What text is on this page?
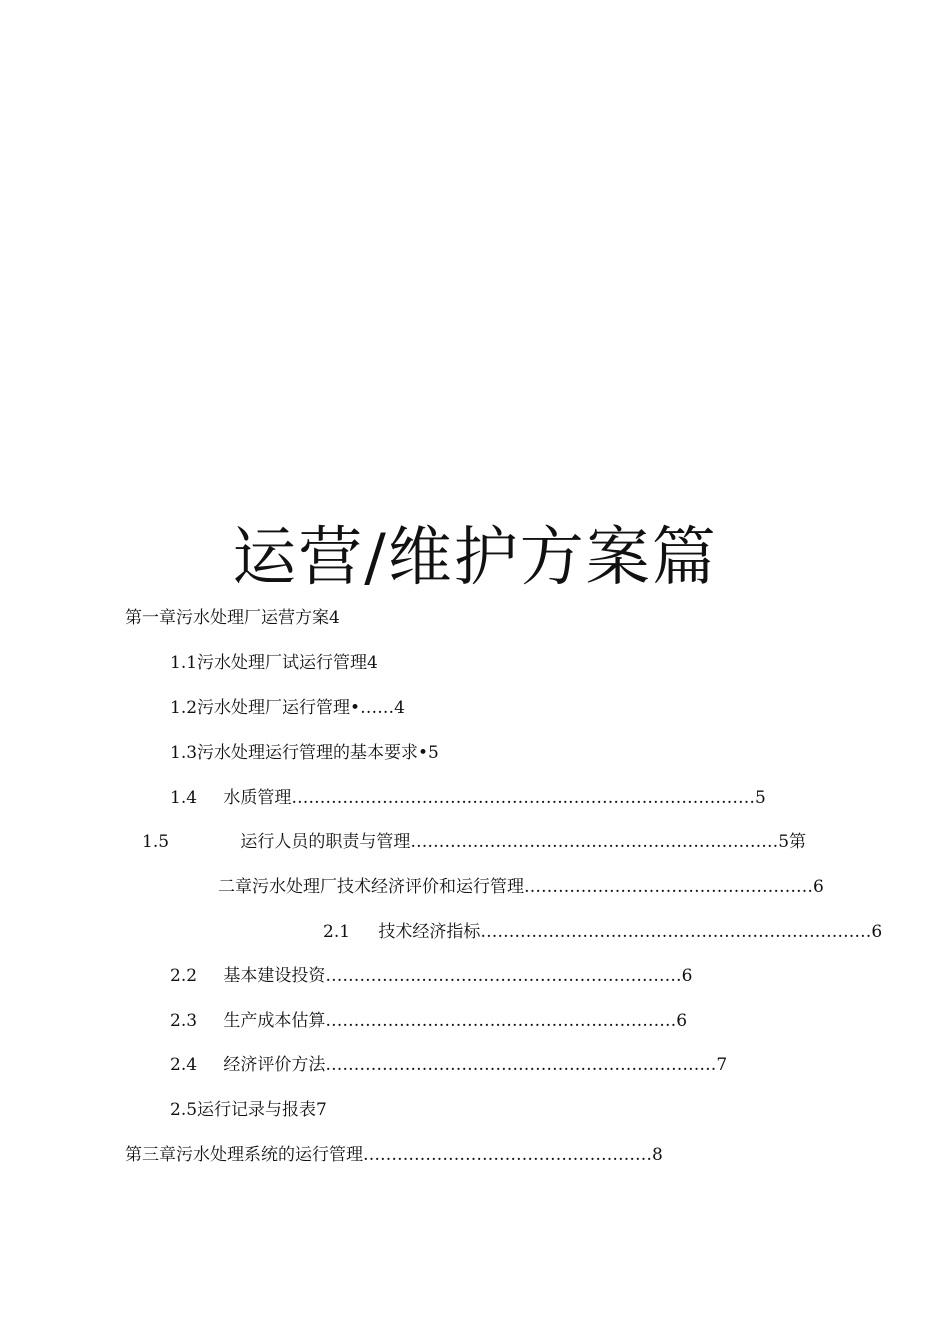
运营/维护方案篇
第一章污水处理厂运营方案4
1.1污水处理厂试运行管理4
1.2污水处理厂运行管理•……4
1.3污水处理运行管理的基本要求•5
1.4 水质管理…………………………..……………..……………………………5
1.5	运行人员的职责与管理…………………………..……………………………5第
二章污水处理厂技术经济评价和运行管理……………………………………………6
2.1 技术经济指标……………………………………………………………6
2.2 基本建设投资……………..……….………………………………6
2.3 生产成本估算…………………………..…………………………6
2.4 经济评价方法……………………………………………………………7
2.5运行记录与报表7
第三章污水处理系统的运行管理……………………………………………8
